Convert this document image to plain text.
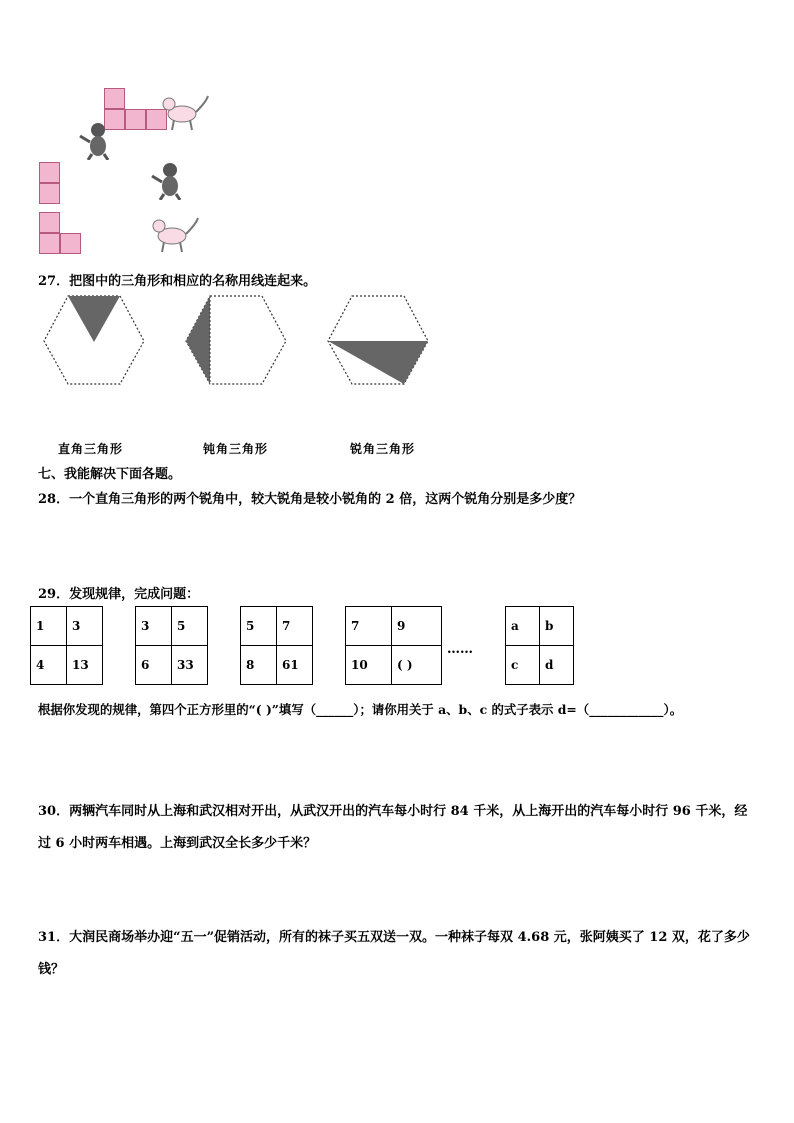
27．把图中的三角形和相应的名称用线连起来。
直角三角形	钝角三角形	锐角三角形
七、我能解决下面各题。
28．一个直角三角形的两个锐角中，较大锐角是较小锐角的 2 倍，这两个锐角分别是多少度？
29．发现规律，完成问题：
1	3
4	13
3	5
6	33
5	7
8	61
7	9
10	( )
……
a	b
c	d
根据你发现的规律，第四个正方形里的“( )”填写（______）；请你用关于 a、b、c 的式子表示 d=（____________）。
30．两辆汽车同时从上海和武汉相对开出，从武汉开出的汽车每小时行 84 千米，从上海开出的汽车每小时行 96 千米，经过 6 小时两车相遇。上海到武汉全长多少千米？
31．大润民商场举办迎“五一”促销活动，所有的袜子买五双送一双。一种袜子每双 4.68 元，张阿姨买了 12 双，花了多少钱？
